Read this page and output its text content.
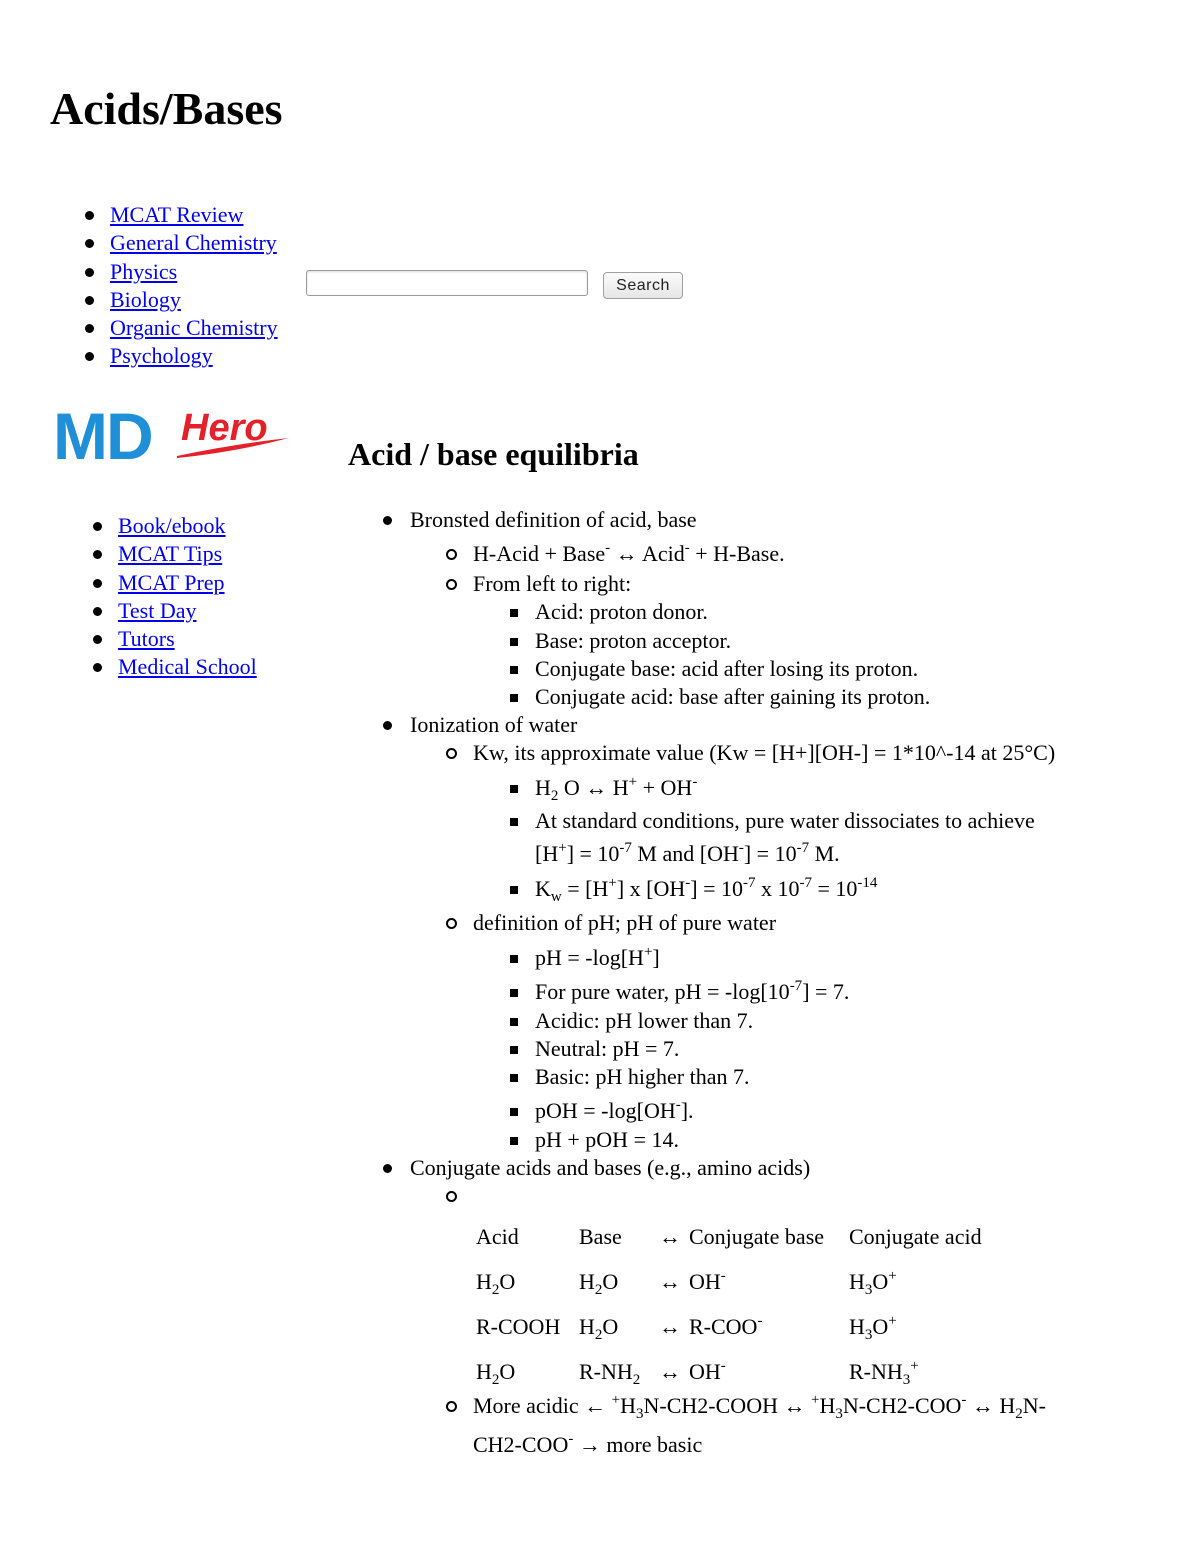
Acids/Bases
MCAT Review
General Chemistry
Physics
Biology
Organic Chemistry
Psychology
Search
MD Hero
Book/ebook
MCAT Tips
MCAT Prep
Test Day
Tutors
Medical School
Acid / base equilibria
Bronsted definition of acid, base
H-Acid + Base- ↔ Acid- + H-Base.
From left to right:
Acid: proton donor.
Base: proton acceptor.
Conjugate base: acid after losing its proton.
Conjugate acid: base after gaining its proton.
Ionization of water
Kw, its approximate value (Kw = [H+][OH-] = 1*10^-14 at 25°C)
$H_2$ O ↔ H+ + OH-
At standard conditions, pure water dissociates to achieve
$[H^+] = 10^{-7}$ M and $[OH^-] = 10^{-7}$ M.
$K_w = [H^+]$ x $[OH^-] = 10^{-7}$ x $10^{-7} = 10^{-14}$
definition of pH; pH of pure water
pH = -log[H+]
For pure water, pH = $-\log[10^{-7}] = 7$.
Acidic: pH lower than 7.
Neutral: pH = 7.
Basic: pH higher than 7.
pOH = -log[OH-].
pH + pOH = 14.
Conjugate acids and bases (e.g., amino acids)
More acidic ← $^+H_3N-CH2$-COOH ↔ $^+H_3N-CH2-COO^-$ ↔ $H_2N-$
CH2-COO- → more basic
Acid	Base	↔	Conjugate base	Conjugate acid
$H_2O$	$H_2O$	↔	OH-	$H_3O^+$
R-COOH	$H_2O$	↔	R-COO-	$H_3O^+$
$H_2O$	$R-NH_2$	↔	OH-	$R-NH_3^+$
